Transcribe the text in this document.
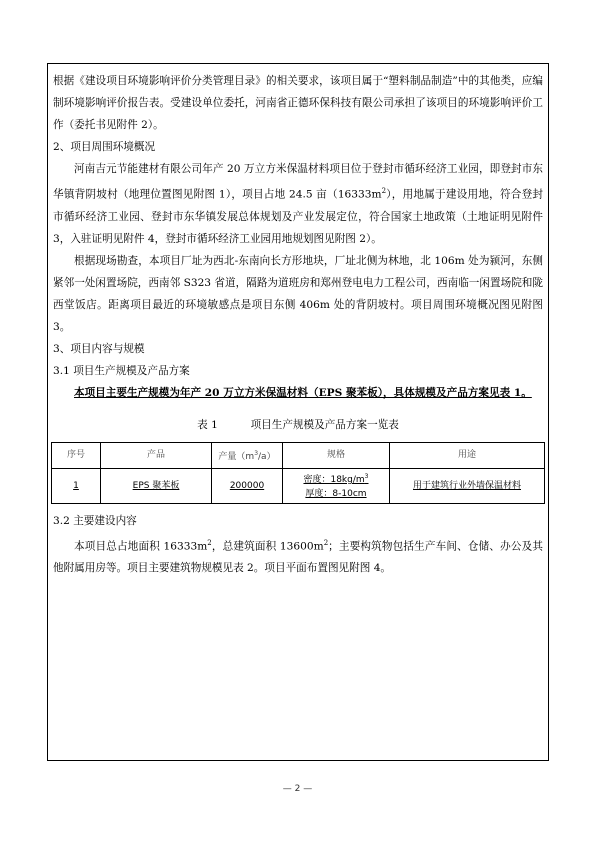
根据《建设项目环境影响评价分类管理目录》的相关要求，该项目属于“塑料制品制造”中的其他类，应编制环境影响评价报告表。受建设单位委托，河南省正德环保科技有限公司承担了该项目的环境影响评价工作（委托书见附件 2）。

2、项目周围环境概况

河南吉元节能建材有限公司年产 20 万立方米保温材料项目位于登封市循环经济工业园，即登封市东华镇背阴坡村（地理位置图见附图 1），项目占地 24.5 亩$(16333m^2)$，用地属于建设用地，符合登封市循环经济工业园、登封市东华镇发展总体规划及产业发展定位，符合国家土地政策（土地证明见附件 3，入驻证明见附件 4，登封市循环经济工业园用地规划图见附图 2）。

根据现场勘查，本项目厂址为西北-东南向长方形地块，厂址北侧为林地，北 106m 处为颍河，东侧紧邻一处闲置场院，西南邻 S323 省道，隔路为道班房和郑州登电电力工程公司，西南临一闲置场院和陇西堂饭店。距离项目最近的环境敏感点是项目东侧 406m 处的背阴坡村。项目周围环境概况图见附图 3。

3、项目内容与规模

3.1 项目生产规模及产品方案

本项目主要生产规模为年产 20 万立方米保温材料（EPS 聚苯板），具体规模及产品方案见表 1。

表 1	项目生产规模及产品方案一览表
序号	产品	产量$(m^3/a)$	规格	用途
1	EPS 聚苯板	200000	密度：$18kg/m^3$
厚度：8-10cm	用于建筑行业外墙保温材料

3.2 主要建设内容

本项目总占地面积 $16333m^2$，总建筑面积 $13600m^2$；主要构筑物包括生产车间、仓储、办公及其他附属用房等。项目主要建筑物规模见表 2。项目平面布置图见附图 4。

— 2 —
